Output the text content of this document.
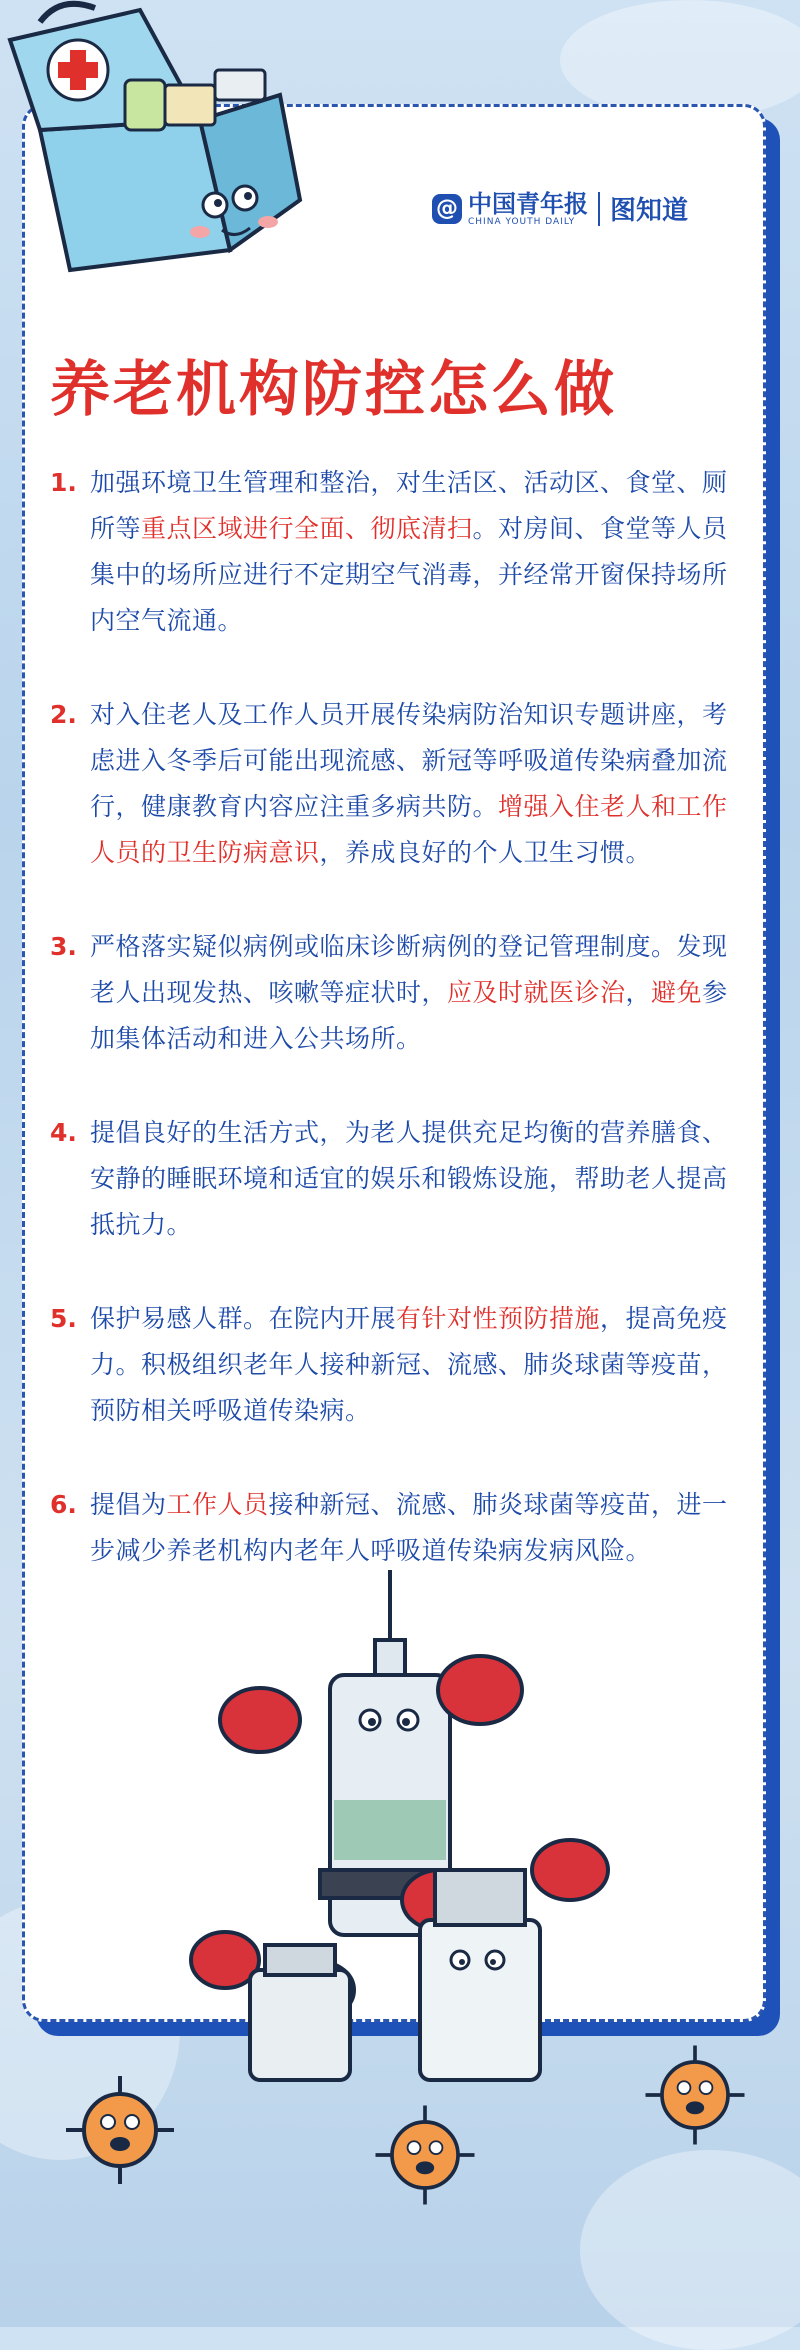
@ 中国青年报
CHINA YOUTH DAILY	图知道
养老机构防控怎么做
1. 加强环境卫生管理和整治，对生活区、活动区、食堂、厕所等重点区域进行全面、彻底清扫。对房间、食堂等人员集中的场所应进行不定期空气消毒，并经常开窗保持场所内空气流通。
2. 对入住老人及工作人员开展传染病防治知识专题讲座，考虑进入冬季后可能出现流感、新冠等呼吸道传染病叠加流行，健康教育内容应注重多病共防。增强入住老人和工作人员的卫生防病意识，养成良好的个人卫生习惯。
3. 严格落实疑似病例或临床诊断病例的登记管理制度。发现老人出现发热、咳嗽等症状时，应及时就医诊治，避免参加集体活动和进入公共场所。
4. 提倡良好的生活方式，为老人提供充足均衡的营养膳食、安静的睡眠环境和适宜的娱乐和锻炼设施，帮助老人提高抵抗力。
5. 保护易感人群。在院内开展有针对性预防措施，提高免疫力。积极组织老年人接种新冠、流感、肺炎球菌等疫苗，预防相关呼吸道传染病。
6. 提倡为工作人员接种新冠、流感、肺炎球菌等疫苗，进一步减少养老机构内老年人呼吸道传染病发病风险。
